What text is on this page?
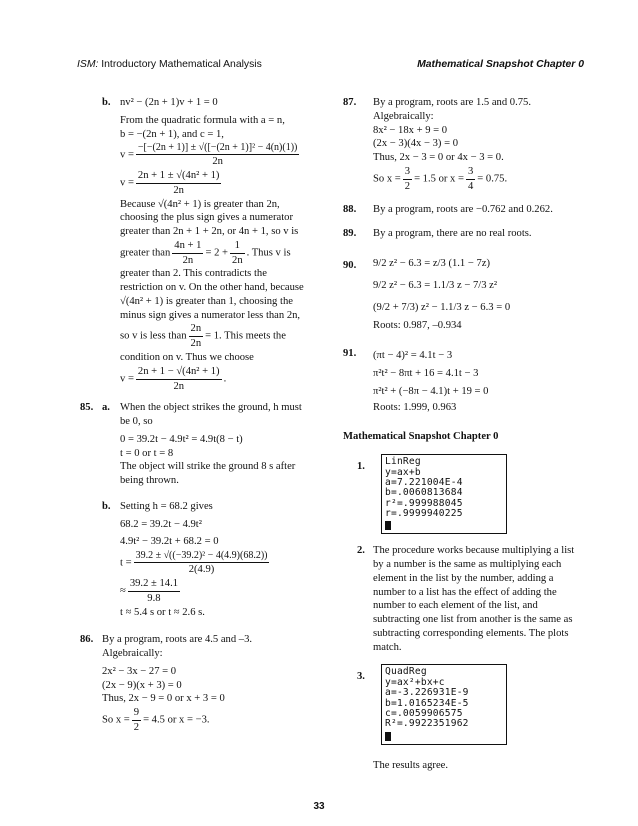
ISM: Introductory Mathematical Analysis	Mathematical Snapshot Chapter 0
b. nv² − (2n + 1)v + 1 = 0
From the quadratic formula with a = n,
b = −(2n + 1), and c = 1,
$v = \frac{\text{−[−(2n + 1)] ± √([−(2n + 1)]² − 4(n)(1))}}{2n}$
$v = \frac{\text{2n + 1 ± √(4n² + 1)}}{2n}$
Because √(4n² + 1) is greater than 2n,
choosing the plus sign gives a numerator
greater than 2n + 1 + 2n, or 4n + 1, so v is
greater than $\frac{4n + 1}{2n} = 2 + \frac{1}{2n}$ . Thus v is
greater than 2. This contradicts the
restriction on v. On the other hand, because
√(4n² + 1) is greater than 1, choosing the
minus sign gives a numerator less than 2n,
so v is less than $\frac{2n}{2n} = 1$. This meets the
condition on v. Thus we choose
$v = \frac{\text{2n + 1 − √(4n² + 1)}}{2n}$ .
85. a. When the object strikes the ground, h must
be 0, so
0 = 39.2t − 4.9t² = 4.9t(8 − t)
t = 0 or t = 8
The object will strike the ground 8 s after
being thrown.
b. Setting h = 68.2 gives
68.2 = 39.2t − 4.9t²
4.9t² − 39.2t + 68.2 = 0
$t = \frac{\text{39.2 ± √((−39.2)² − 4(4.9)(68.2))}}{2(4.9)}$
≈ $\frac{39.2 \pm 14.1}{9.8}$
t ≈ 5.4 s or t ≈ 2.6 s.
86. By a program, roots are 4.5 and –3.
Algebraically:
2x² − 3x − 27 = 0
(2x − 9)(x + 3) = 0
Thus, 2x − 9 = 0 or x + 3 = 0
So $x = \frac{9}{2} = 4.5$ or x = −3.
87. By a program, roots are 1.5 and 0.75.
Algebraically:
8x² − 18x + 9 = 0
(2x − 3)(4x − 3) = 0
Thus, 2x − 3 = 0 or 4x − 3 = 0.
So $x = \frac{3}{2} = 1.5$ or $x = \frac{3}{4} = 0.75$.
88. By a program, roots are −0.762 and 0.262.
89. By a program, there are no real roots.
90. 9/2 z² − 6.3 = z/3 (1.1 − 7z)
9/2 z² − 6.3 = 1.1/3 z − 7/3 z²
(9/2 + 7/3) z² − 1.1/3 z − 6.3 = 0
Roots: 0.987, –0.934
91. (πt − 4)² = 4.1t − 3
π²t² − 8πt + 16 = 4.1t − 3
π²t² + (−8π − 4.1)t + 19 = 0
Roots: 1.999, 0.963
Mathematical Snapshot Chapter 0
1. LinReg
y=ax+b
a=7.221004E-4
b=.0060813684
r²=.999988045
r=.9999940225
2. The procedure works because multiplying a list
by a number is the same as multiplying each
element in the list by the number, adding a
number to a list has the effect of adding the
number to each element of the list, and
subtracting one list from another is the same as
subtracting corresponding elements. The plots
match.
3. QuadReg
y=ax²+bx+c
a=-3.226931E-9
b=1.0165234E-5
c=.0059906575
R²=.9922351962
The results agree.
33
